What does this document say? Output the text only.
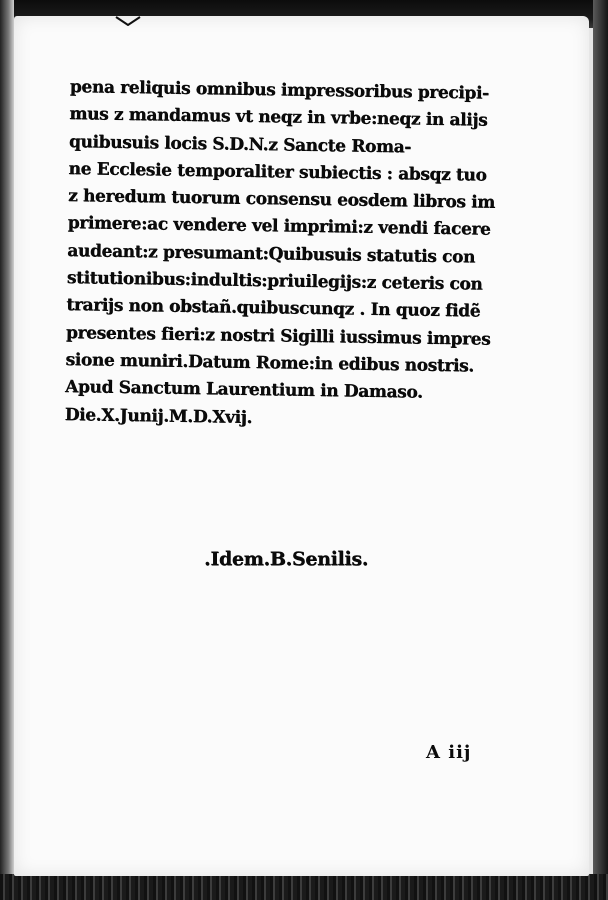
pena reliquis omnibus impressoribus precipi-
mus z mandamus vt neqz in vrbe:neqz in alijs
quibusuis locis S.D.N.z Sancte Roma-
ne Ecclesie temporaliter subiectis : absqz tuo
z heredum tuorum consensu eosdem libros im
primere:ac vendere vel imprimi:z vendi facere
audeant:z presumant:Quibusuis statutis con
stitutionibus:indultis:priuilegijs:z ceteris con
trarijs non obstañ.quibuscunqz . In quoz fidẽ
presentes fieri:z nostri Sigilli iussimus impres
sione muniri.Datum Rome:in edibus nostris.
Apud Sanctum Laurentium in Damaso.
Die.X.Junij.M.D.Xvij.

.Idem.B.Senilis.

A iij
